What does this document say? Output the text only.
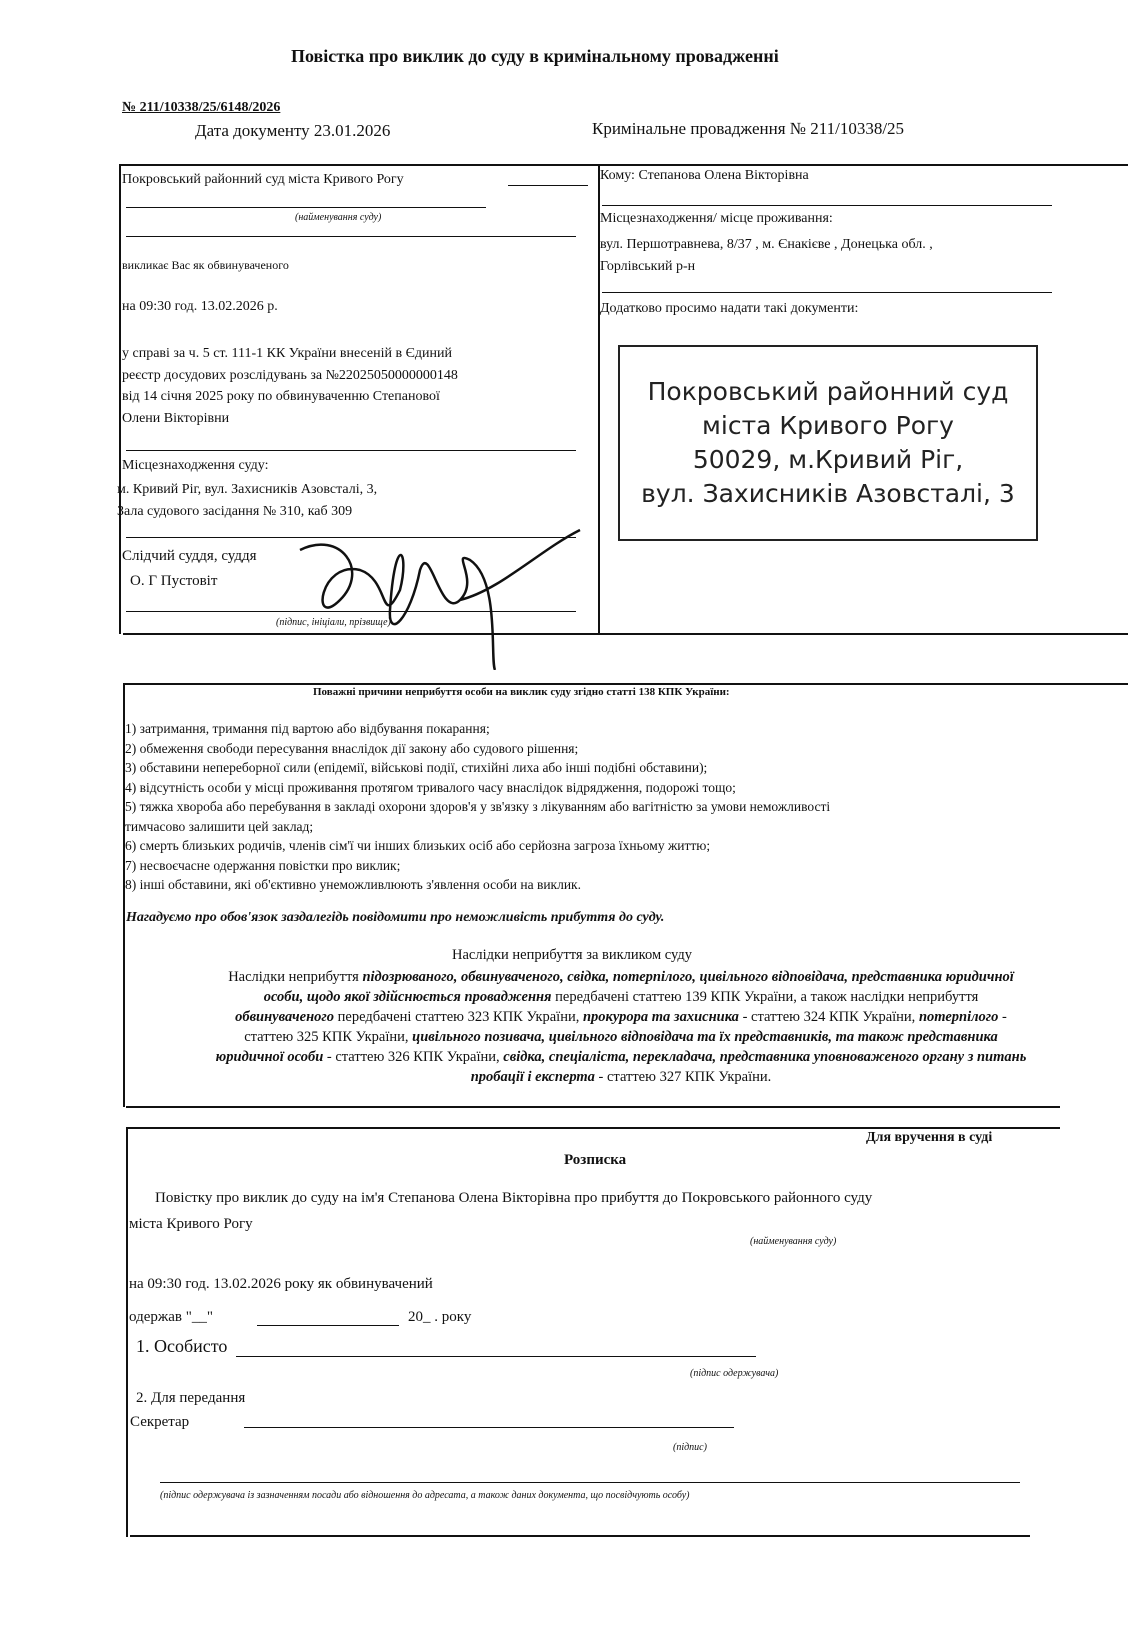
Повістка про виклик до суду в кримінальному провадженні
№ 211/10338/25/6148/2026
Дата документу 23.01.2026	Кримінальне провадження № 211/10338/25
Покровський районний суд міста Кривого Рогу
(найменування суду)
викликає Вас як обвинуваченого
на 09:30 год. 13.02.2026 р.
у справі за ч. 5 ст. 111-1 КК України внесеній в Єдиний
реєстр досудових розслідувань за №22025050000000148
від 14 січня 2025 року по обвинуваченню Степанової
Олени Вікторівни
Місцезнаходження суду:
м. Кривий Ріг, вул. Захисників Азовсталі, 3,
Зала судового засідання № 310, каб 309
Слідчий суддя, суддя
О. Г Пустовіт
(підпис, ініціали, прізвище)
Покровський районний суд
міста Кривого Рогу
50029, м.Кривий Ріг,
вул. Захисників Азовсталі, 3
Кому: Степанова Олена Вікторівна
Місцезнаходження/ місце проживання:
вул. Першотравнева, 8/37 , м. Єнакієве , Донецька обл. ,
Горлівський р-н
Додатково просимо надати такі документи:
Поважні причини неприбуття особи на виклик суду згідно статті 138 КПК України:
1) затримання, тримання під вартою або відбування покарання;
2) обмеження свободи пересування внаслідок дії закону або судового рішення;
3) обставини непереборної сили (епідемії, військові події, стихійні лиха або інші подібні обставини);
4) відсутність особи у місці проживання протягом тривалого часу внаслідок відрядження, подорожі тощо;
5) тяжка хвороба або перебування в закладі охорони здоров'я у зв'язку з лікуванням або вагітністю за умови неможливості
тимчасово залишити цей заклад;
6) смерть близьких родичів, членів сім'ї чи інших близьких осіб або серйозна загроза їхньому життю;
7) несвоєчасне одержання повістки про виклик;
8) інші обставини, які об'єктивно унеможливлюють з'явлення особи на виклик.
Нагадуємо про обов'язок заздалегідь повідомити про неможливість прибуття до суду.
Наслідки неприбуття за викликом суду
Наслідки неприбуття підозрюваного, обвинуваченого, свідка, потерпілого, цивільного відповідача, представника юридичної
особи, щодо якої здійснюється провадження передбачені статтею 139 КПК України, а також наслідки неприбуття
обвинуваченого передбачені статтею 323 КПК України, прокурора та захисника - статтею 324 КПК України, потерпілого -
статтею 325 КПК України, цивільного позивача, цивільного відповідача та їх представників, та також представника
юридичної особи - статтею 326 КПК України, свідка, спеціаліста, перекладача, представника уповноваженого органу з питань
пробації і експерта - статтею 327 КПК України.
Для вручення в суді
Розписка
Повістку про виклик до суду на ім'я Степанова Олена Вікторівна про прибуття до Покровського районного суду
міста Кривого Рогу
(найменування суду)
на 09:30 год. 13.02.2026 року як обвинувачений
одержав "__"	20_ . року
1. Особисто
(підпис одержувача)
2. Для передання
Секретар
(підпис)
(підпис одержувача із зазначенням посади або відношення до адресата, а також даних документа, що посвідчують особу)
